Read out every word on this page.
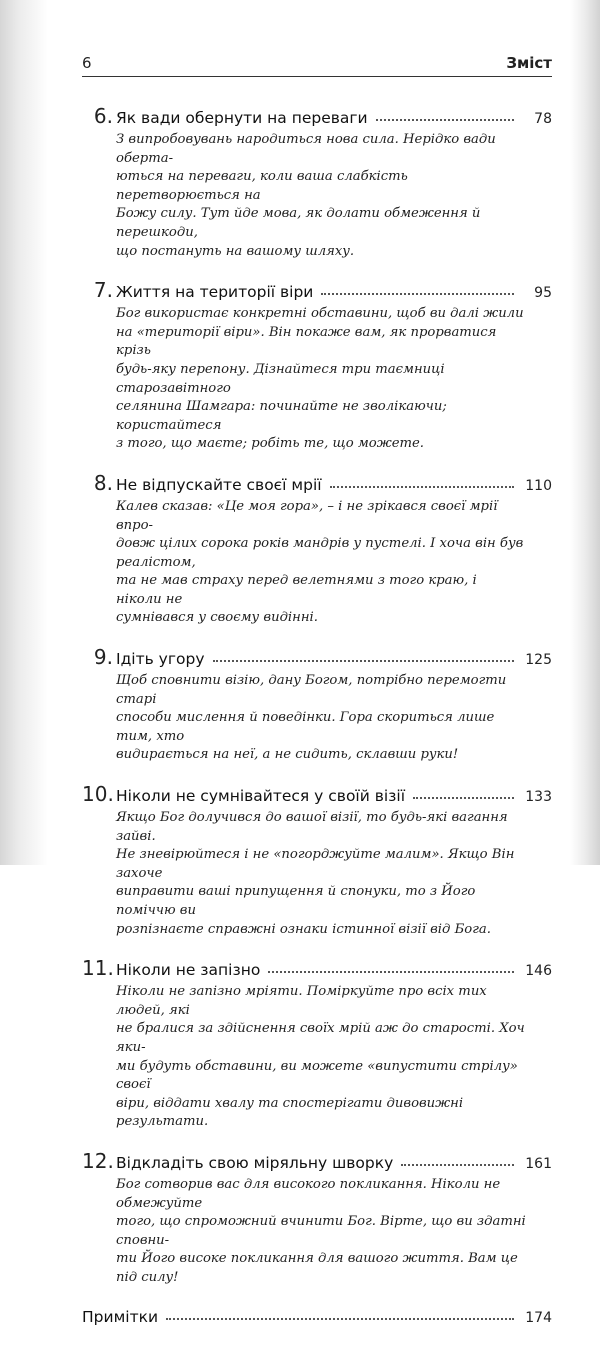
6	Зміст
6. Як вади обернути на переваги	78
З випробовувань народиться нова сила. Нерідко вади оберта-
ються на переваги, коли ваша слабкість перетворюється на
Божу силу. Тут йде мова, як долати обмеження й перешкоди,
що постануть на вашому шляху.
7. Життя на території віри	95
Бог використає конкретні обставини, щоб ви далі жили
на «території віри». Він покаже вам, як прорватися крізь
будь-яку перепону. Дізнайтеся три таємниці старозавітного
селянина Шамгара: починайте не зволікаючи; користайтеся
з того, що маєте; робіть те, що можете.
8. Не відпускайте своєї мрії	110
Калев сказав: «Це моя гора», – і не зрікався своєї мрії впро-
довж цілих сорока років мандрів у пустелі. І хоча він був реалістом,
та не мав страху перед велетнями з того краю, і ніколи не
сумнівався у своєму видінні.
9. Ідіть угору	125
Щоб сповнити візію, дану Богом, потрібно перемогти старі
способи мислення й поведінки. Гора скориться лише тим, хто
видирається на неї, а не сидить, склавши руки!
10. Ніколи не сумнівайтеся у своїй візії	133
Якщо Бог долучився до вашої візії, то будь-які вагання зайві.
Не зневірюйтеся і не «погорджуйте малим». Якщо Він захоче
виправити ваші припущення й спонуки, то з Його поміччю ви
розпізнаєте справжні ознаки істинної візії від Бога.
11. Ніколи не запізно	146
Ніколи не запізно мріяти. Поміркуйте про всіх тих людей, які
не бралися за здійснення своїх мрій аж до старості. Хоч яки-
ми будуть обставини, ви можете «випустити стрілу» своєї
віри, віддати хвалу та спостерігати дивовижні результати.
12. Відкладіть свою міряльну шворку	161
Бог сотворив вас для високого покликання. Ніколи не обмежуйте
того, що спроможний вчинити Бог. Вірте, що ви здатні сповни-
ти Його високе покликання для вашого життя. Вам це під силу!
Примітки	174
